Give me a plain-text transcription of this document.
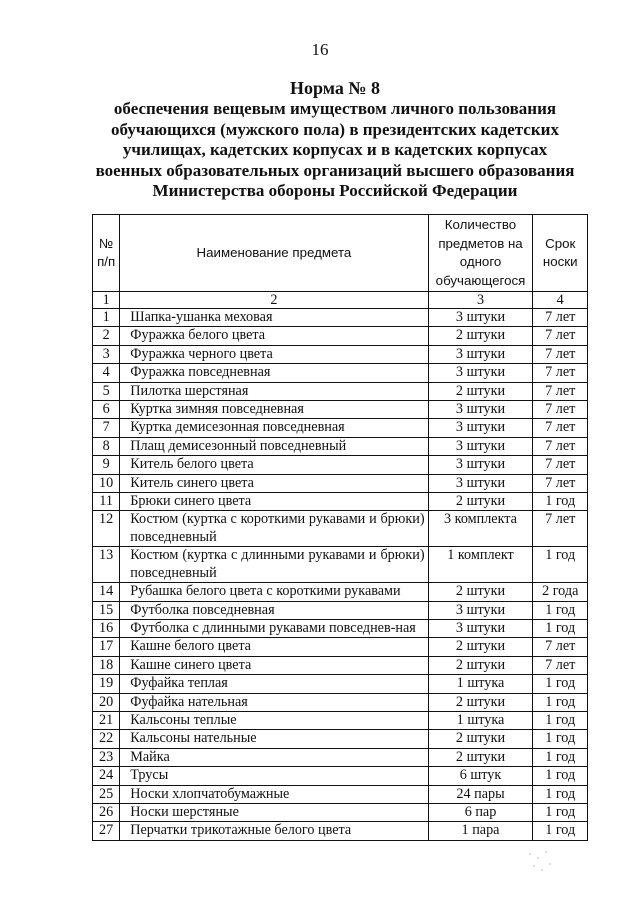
16
Норма № 8
обеспечения вещевым имуществом личного пользования
обучающихся (мужского пола) в президентских кадетских
училищах, кадетских корпусах и в кадетских корпусах
военных образовательных организаций высшего образования
Министерства обороны Российской Федерации
№ п/п	Наименование предмета	Количество предметов на одного обучающегося	Срок носки
1	2	3	4
1	Шапка-ушанка меховая	3 штуки	7 лет
2	Фуражка белого цвета	2 штуки	7 лет
3	Фуражка черного цвета	3 штуки	7 лет
4	Фуражка повседневная	3 штуки	7 лет
5	Пилотка шерстяная	2 штуки	7 лет
6	Куртка зимняя повседневная	3 штуки	7 лет
7	Куртка демисезонная повседневная	3 штуки	7 лет
8	Плащ демисезонный повседневный	3 штуки	7 лет
9	Китель белого цвета	3 штуки	7 лет
10	Китель синего цвета	3 штуки	7 лет
11	Брюки синего цвета	2 штуки	1 год
12	Костюм (куртка с короткими рукавами и брюки) повседневный	3 комплекта	7 лет
13	Костюм (куртка с длинными рукавами и брюки) повседневный	1 комплект	1 год
14	Рубашка белого цвета с короткими рукавами	2 штуки	2 года
15	Футболка повседневная	3 штуки	1 год
16	Футболка с длинными рукавами повседнев-ная	3 штуки	1 год
17	Кашне белого цвета	2 штуки	7 лет
18	Кашне синего цвета	2 штуки	7 лет
19	Фуфайка теплая	1 штука	1 год
20	Фуфайка нательная	2 штуки	1 год
21	Кальсоны теплые	1 штука	1 год
22	Кальсоны нательные	2 штуки	1 год
23	Майка	2 штуки	1 год
24	Трусы	6 штук	1 год
25	Носки хлопчатобумажные	24 пары	1 год
26	Носки шерстяные	6 пар	1 год
27	Перчатки трикотажные белого цвета	1 пара	1 год
